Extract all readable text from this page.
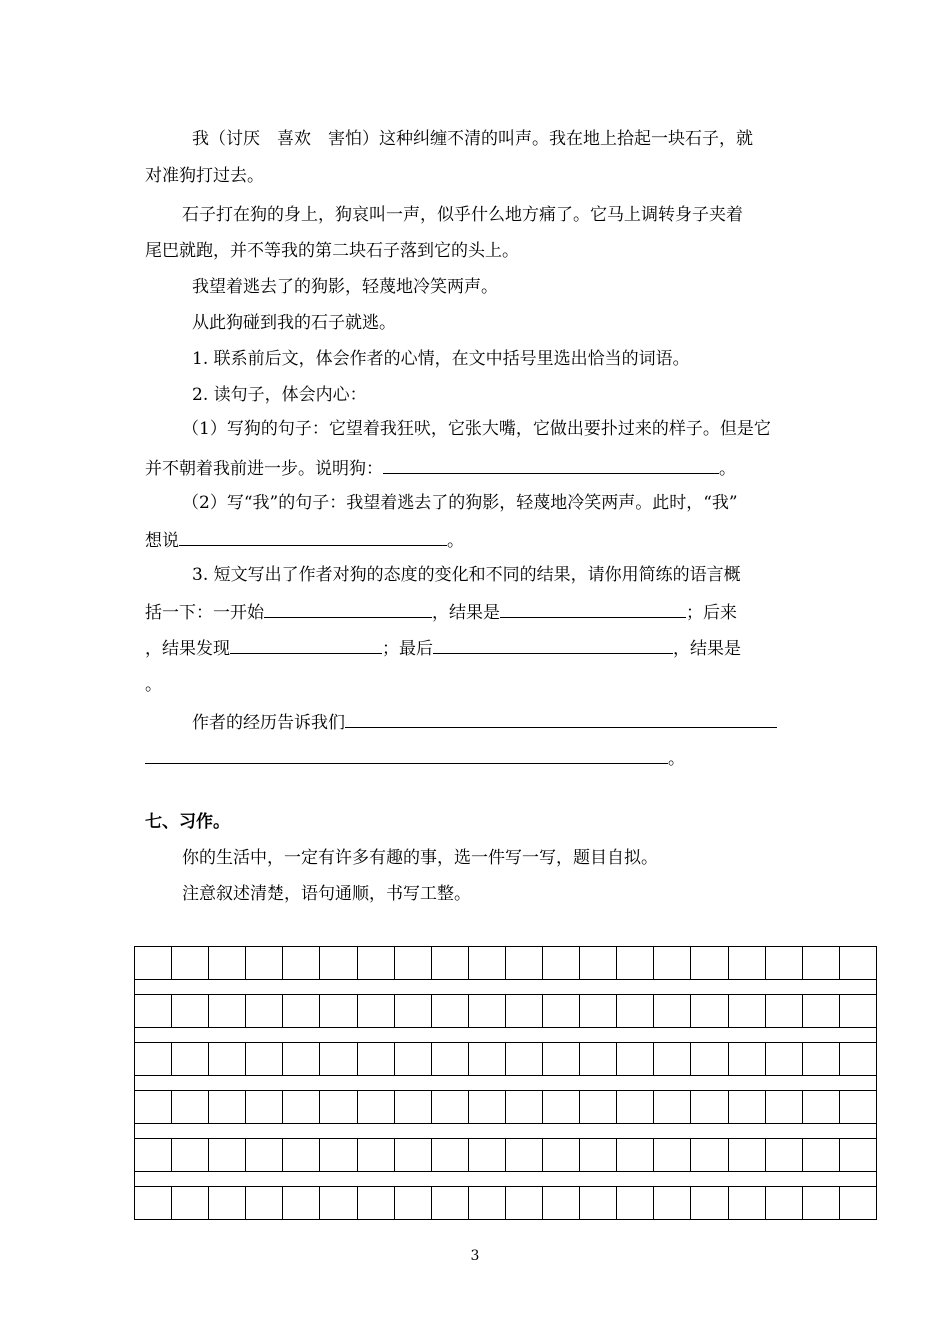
我（讨厌　喜欢　害怕）这种纠缠不清的叫声。我在地上拾起一块石子，就
对准狗打过去。
石子打在狗的身上，狗哀叫一声，似乎什么地方痛了。它马上调转身子夹着
尾巴就跑，并不等我的第二块石子落到它的头上。
我望着逃去了的狗影，轻蔑地冷笑两声。
从此狗碰到我的石子就逃。
1. 联系前后文，体会作者的心情，在文中括号里选出恰当的词语。
2. 读句子，体会内心：
（1）写狗的句子：它望着我狂吠，它张大嘴，它做出要扑过来的样子。但是它
并不朝着我前进一步。说明狗：	。
（2）写“我”的句子：我望着逃去了的狗影，轻蔑地冷笑两声。此时，“我”
想说	。
3. 短文写出了作者对狗的态度的变化和不同的结果，请你用简练的语言概
括一下：一开始	，结果是	；后来
，结果发现	；最后	，结果是
。
作者的经历告诉我们
。
七、习作。
你的生活中，一定有许多有趣的事，选一件写一写，题目自拟。
注意叙述清楚，语句通顺，书写工整。
3
